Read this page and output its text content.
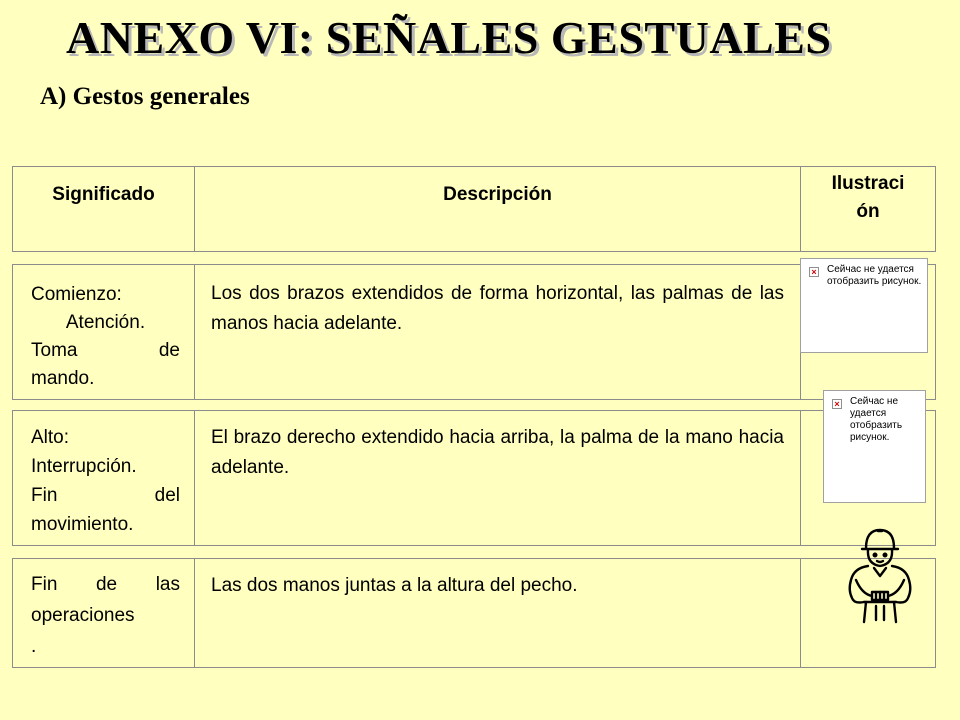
ANEXO VI: SEÑALES GESTUALES
A) Gestos generales
Significado	Descripción
Ilustraci
ón
Comienzo:
Atención.
Toma de
mando.
Los dos brazos extendidos de forma horizontal, las palmas de las manos hacia adelante.
Alto:
Interrupción.
Fin del
movimiento.
El brazo derecho extendido hacia arriba, la palma de la mano hacia adelante.
Fin de las
operaciones
.
Las dos manos juntas a la altura del pecho.
× Сейчас не удается отобразить рисунок.
× Сейчас не удается отобразить рисунок.
